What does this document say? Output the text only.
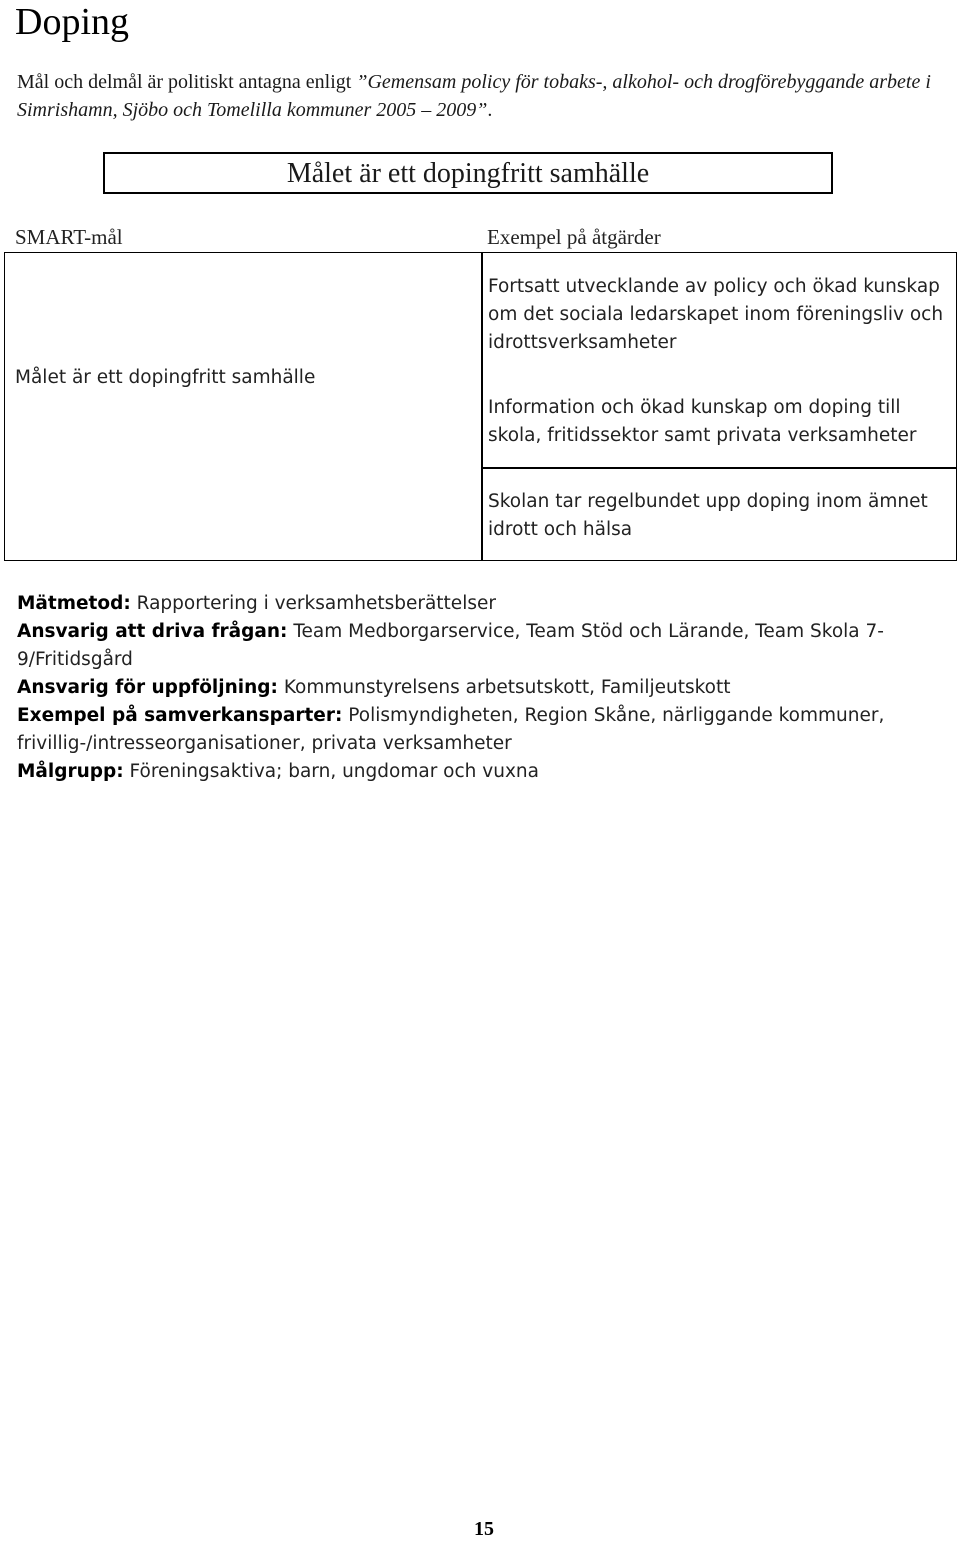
Doping
Mål och delmål är politiskt antagna enligt ”Gemensam policy för tobaks-, alkohol- och drogförebyggande arbete i Simrishamn, Sjöbo och Tomelilla kommuner 2005 – 2009”.
Målet är ett dopingfritt samhälle
SMART-mål	Exempel på åtgärder
Målet är ett dopingfritt samhälle
Fortsatt utvecklande av policy och ökad kunskap om det sociala ledarskapet inom föreningsliv och idrottsverksamheter
Information och ökad kunskap om doping till skola, fritidssektor samt privata verksamheter
Skolan tar regelbundet upp doping inom ämnet idrott och hälsa
Mätmetod: Rapportering i verksamhetsberättelser
Ansvarig att driva frågan: Team Medborgarservice, Team Stöd och Lärande, Team Skola 7-9/Fritidsgård
Ansvarig för uppföljning: Kommunstyrelsens arbetsutskott, Familjeutskott
Exempel på samverkansparter: Polismyndigheten, Region Skåne, närliggande kommuner, frivillig-/intresseorganisationer, privata verksamheter
Målgrupp: Föreningsaktiva; barn, ungdomar och vuxna
15
